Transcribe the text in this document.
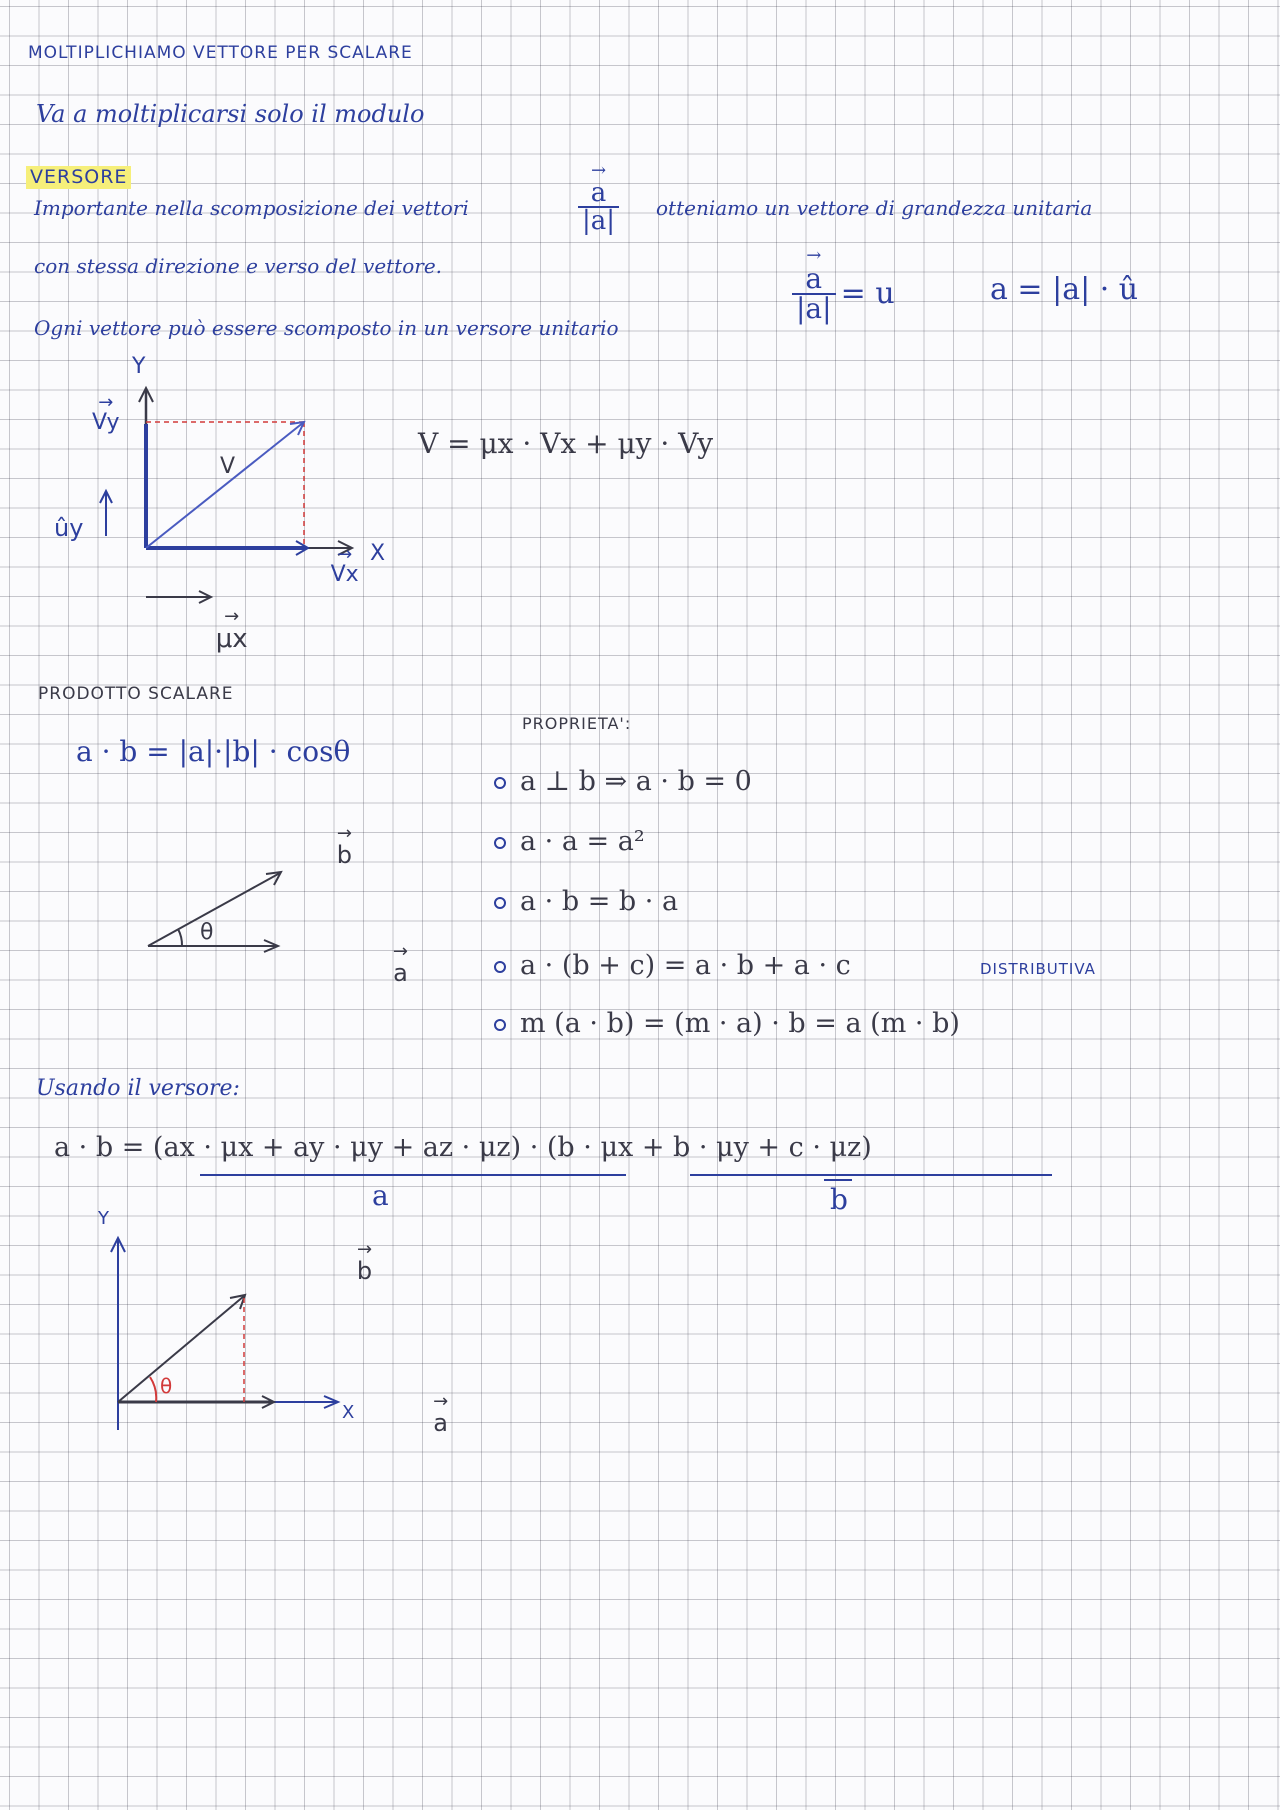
MOLTIPLICHIAMO VETTORE PER SCALARE
Va a moltiplicarsi solo il modulo
VERSORE
Importante nella scomposizione dei vettori
→	$\frac{a}{|a|}$ otteniamo un vettore di grandezza unitaria
con stessa direzione e verso del vettore.
Ogni vettore può essere scomposto in un versore unitario
→ $\frac{a}{|a|} = u$	a = |a| · û
V = μx · Vx + μy · Vy
Y
→ Vy
V
ûy
→ Vx
X
→ μx
PRODOTTO SCALARE
a · b = |a|·|b| · cosθ
→ b
θ
→ a
PROPRIETA':
a ⊥ b ⇒ a · b = 0
a · a = a²
a · b = b · a
a · (b + c) = a · b + a · c	DISTRIBUTIVA
m (a · b) = (m · a) · b = a (m · b)
Usando il versore:
a · b = (ax · μx + ay · μy + az · μz) · (b · μx + b · μy + c · μz)
a	b
Y
→ b
θ
→ a
X
